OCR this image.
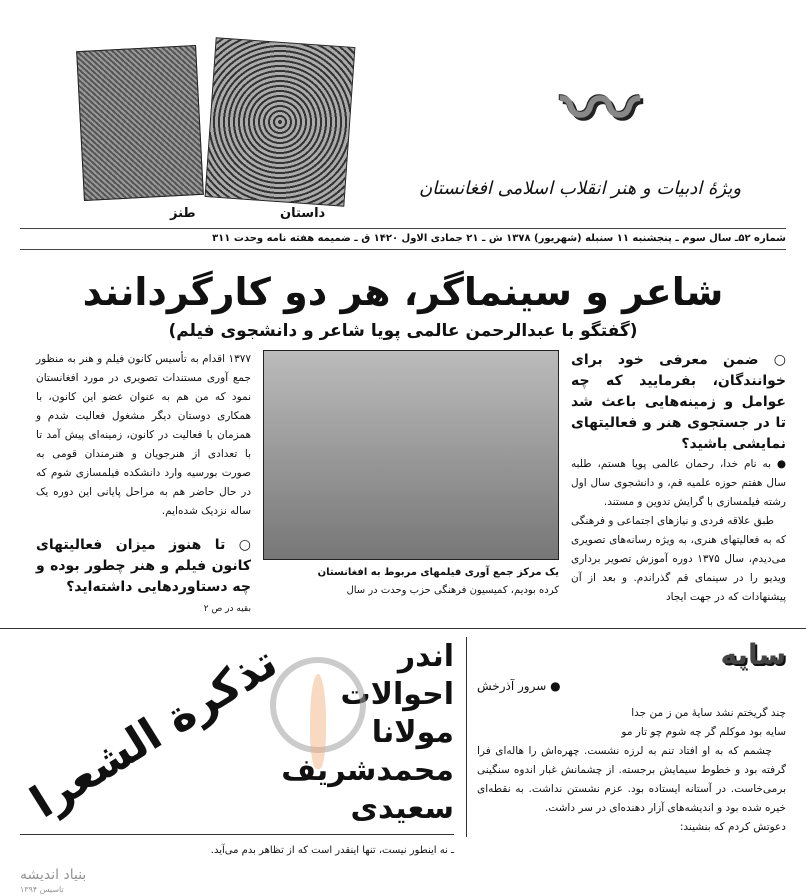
داستان
طنز
〰
ویژهٔ ادبیات و هنر انقلاب اسلامی افغانستان
شماره ۵۲ـ سال سوم ـ پنجشنبه ۱۱ سنبله (شهریور) ۱۳۷۸ ش ـ ۲۱ جمادی الاول ۱۴۲۰ ق ـ ضمیمه هفته نامه وحدت ۳۱۱
شاعر و سینماگر، هر دو کارگردانند
(گفتگو با عبدالرحمن عالمی پویا شاعر و دانشجوی فیلم)

○ ضمن معرفی خود برای خوانندگان، بفرمایید که چه عوامل و زمینه‌هایی باعث شد تا در جستجوی هنر و فعالیتهای نمایشی باشید؟

● به نام خدا، رحمان عالمی پویا هستم، طلبه سال هفتم حوزه علمیه قم، و دانشجوی سال اول رشته فیلمسازی با گرایش تدوین و مستند.

طبق علاقه فردی و نیازهای اجتماعی و فرهنگی که به فعالیتهای هنری، به ویژه رسانه‌های تصویری می‌دیدم، سال ۱۳۷۵ دوره آموزش تصویر برداری ویدیو را در سینمای قم گذراندم. و بعد از آن پیشنهادات که در جهت ایجاد

یک مرکز جمع آوری فیلمهای مربوط به افغانستان
کرده بودیم، کمیسیون فرهنگی حزب وحدت در سال

۱۳۷۷ اقدام به تأسیس کانون فیلم و هنر به منظور جمع آوری مستندات تصویری در مورد افغانستان نمود که من هم به عنوان عضو این کانون، با همکاری دوستان دیگر مشغول فعالیت شدم و همزمان با فعالیت در کانون، زمینه‌ای پیش آمد تا با تعدادی از هنرجویان و هنرمندان قومی به صورت بورسیه وارد دانشکده فیلمسازی شوم که در حال حاضر هم به مراحل پایانی این دوره یک ساله نزدیک شده‌ایم.

○ تا هنوز میزان فعالیتهای کانون فیلم و هنر چطور بوده و چه دستاوردهایی داشته‌اید؟

بقیه در ص ۲

سایه
● سرور آذرخش
چند گریختم نشد سایهٔ من ز من جدا
سایه بود موکلم گر چه شوم چو تار مو
چشمم که به او افتاد تنم به لرزه نشست. چهره‌اش را هاله‌ای فرا گرفته بود و خطوط سیمایش برجسته. از چشمانش غبار اندوه سنگینی برمی‌خاست. در آستانه ایستاده بود. عزم نشستن نداشت. به نقطه‌ای خیره شده بود و اندیشه‌های آزار دهنده‌ای در سر داشت.
دعوتش کردم که بنشیند:
اندر
احوالات مولانا
محمدشریف سعیدی
تذکرة الشعرا
ـ نه اینطور نیست، تنها اینقدر است که از تظاهر بدم می‌آید.
بنیاد اندیشه
تاسیس ۱۳۹۴
